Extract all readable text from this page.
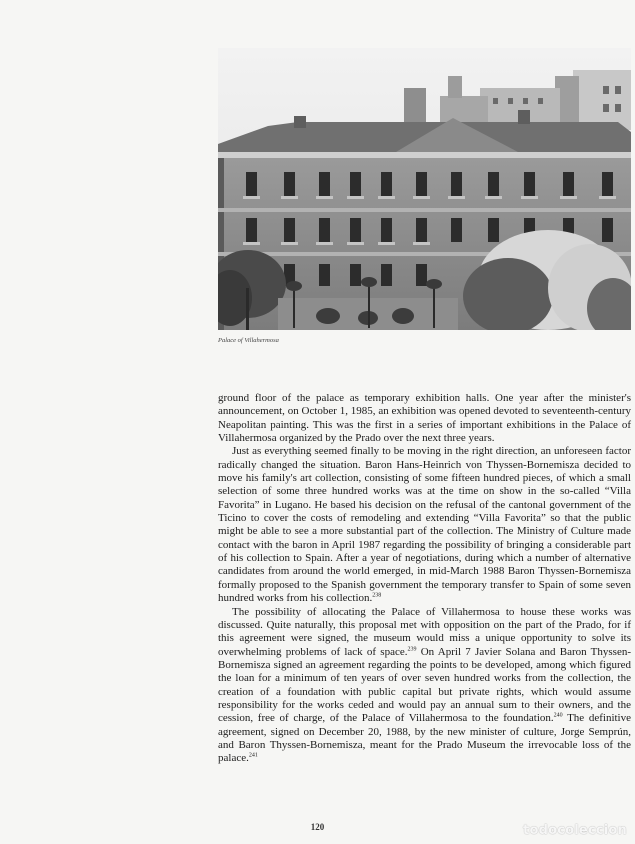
Palace of Villahermosa

ground floor of the palace as temporary exhibition halls. One year after the minister's announcement, on October 1, 1985, an exhibition was opened devoted to seventeenth-century Neapolitan painting. This was the first in a series of important exhibitions in the Palace of Villahermosa organized by the Prado over the next three years.

Just as everything seemed finally to be moving in the right direction, an unforeseen factor radically changed the situation. Baron Hans-Heinrich von Thyssen-Bornemisza decided to move his family's art collection, consisting of some fifteen hundred pieces, of which a small selection of some three hundred works was at the time on show in the so-called “Villa Favorita” in Lugano. He based his decision on the refusal of the cantonal government of the Ticino to cover the costs of remodeling and extending “Villa Favorita” so that the public might be able to see a more substantial part of the collection. The Ministry of Culture made contact with the baron in April 1987 regarding the possibility of bringing a considerable part of his collection to Spain. After a year of negotiations, during which a number of alternative candidates from around the world emerged, in mid-March 1988 Baron Thyssen-Bornemisza formally proposed to the Spanish government the temporary transfer to Spain of some seven hundred works from his collection.$^{238}$

The possibility of allocating the Palace of Villahermosa to house these works was discussed. Quite naturally, this proposal met with opposition on the part of the Prado, for if this agreement were signed, the museum would miss a unique opportunity to solve its overwhelming problems of lack of space.$^{239}$ On April 7 Javier Solana and Baron Thyssen-Bornemisza signed an agreement regarding the points to be developed, among which figured the loan for a minimum of ten years of over seven hundred works from the collection, the creation of a foundation with public capital but private rights, which would assume responsibility for the works ceded and would pay an annual sum to their owners, and the cession, free of charge, of the Palace of Villahermosa to the foundation.$^{240}$ The definitive agreement, signed on December 20, 1988, by the new minister of culture, Jorge Semprún, and Baron Thyssen-Bornemisza, meant for the Prado Museum the irrevocable loss of the palace.$^{241}$

120	todocoleccion
